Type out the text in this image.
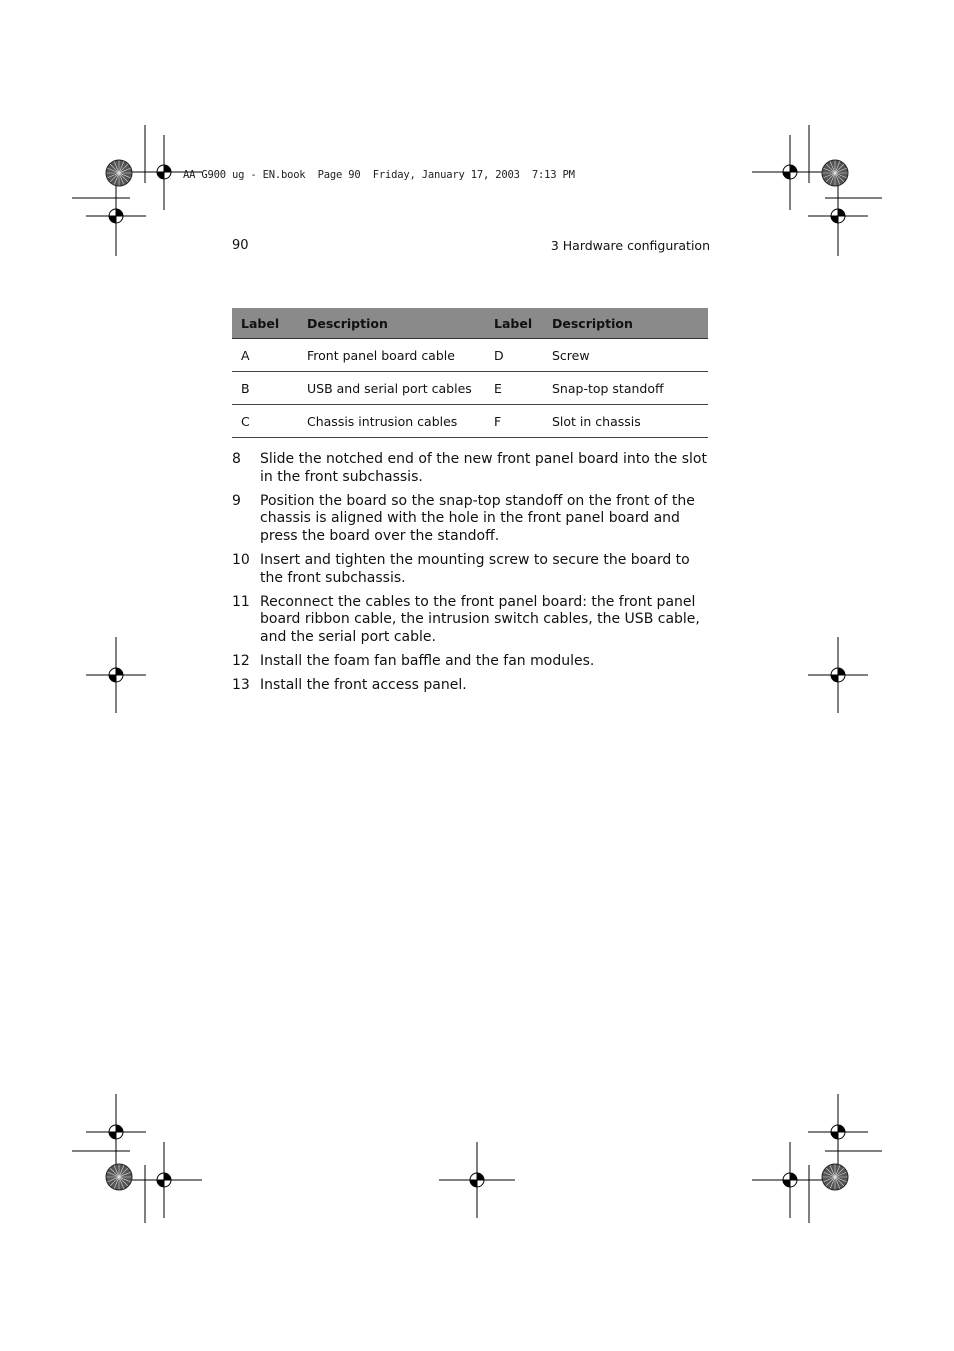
AA G900 ug - EN.book  Page 90  Friday, January 17, 2003  7:13 PM
90	3 Hardware configuration
Label	Description	Label	Description
A	Front panel board cable	D	Screw
B	USB and serial port cables	E	Snap-top standoff
C	Chassis intrusion cables	F	Slot in chassis
8	Slide the notched end of the new front panel board into the slot in the front subchassis.
9	Position the board so the snap-top standoff on the front of the chassis is aligned with the hole in the front panel board and press the board over the standoff.
10 Insert and tighten the mounting screw to secure the board to the front subchassis.
11 Reconnect the cables to the front panel board: the front panel board ribbon cable, the intrusion switch cables, the USB cable, and the serial port cable.
12 Install the foam fan baffle and the fan modules.
13 Install the front access panel.
